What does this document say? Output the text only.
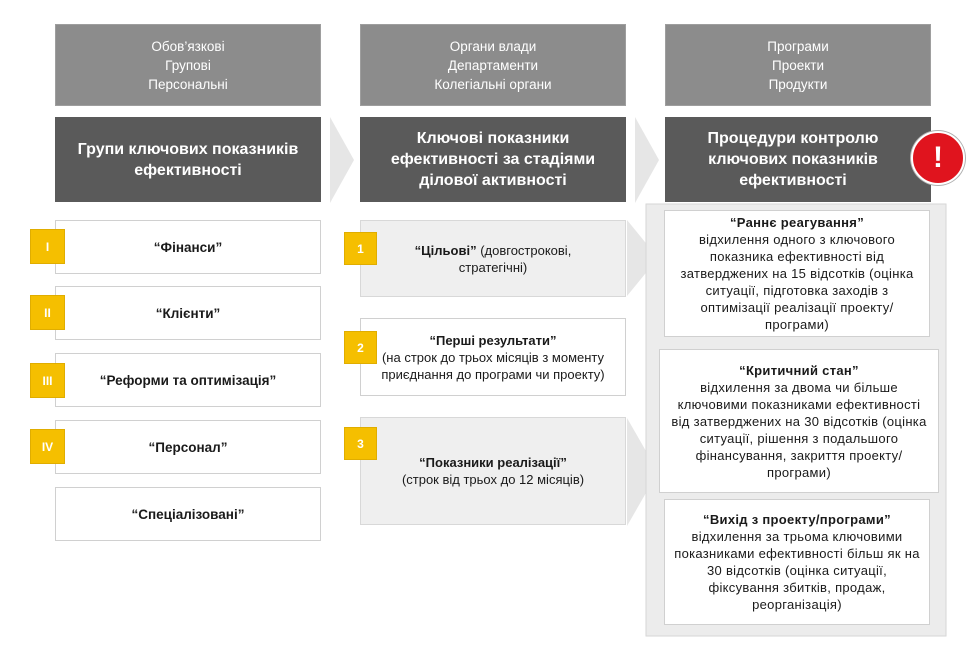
Обов’язкові
Групові
Персональні
Групи ключових показників ефективності
Органи влади
Департаменти
Колегіальні органи
Ключові показники ефективності за стадіями ділової активності
Програми
Проекти
Продукти
Процедури контролю ключових показників ефективності
!
“Фінанси”
“Клієнти”
“Реформи та оптимізація”
“Персонал”
“Спеціалізовані”
I
II
III
IV
“Цільові” (довгострокові,
стратегічні)
“Перші результати”
(на строк до трьох місяців з моменту приєднання до програми чи проекту)
“Показники реалізації”
(строк від трьох до 12 місяців)
1
2
3
“Раннє реагування”
відхилення одного з ключового показника ефективності від затверджених на 15 відсотків (оцінка ситуації, підготовка заходів з оптимізації реалізації проекту/програми)
“Критичний стан”
відхилення за двома чи більше ключовими показниками ефективності від затверджених на 30 відсотків (оцінка ситуації, рішення з подальшого фінансування, закриття проекту/ програми)
“Вихід з проекту/програми”
відхилення за трьома ключовими показниками ефективності більш як на 30 відсотків (оцінка ситуації, фіксування збитків, продаж, реорганізація)
